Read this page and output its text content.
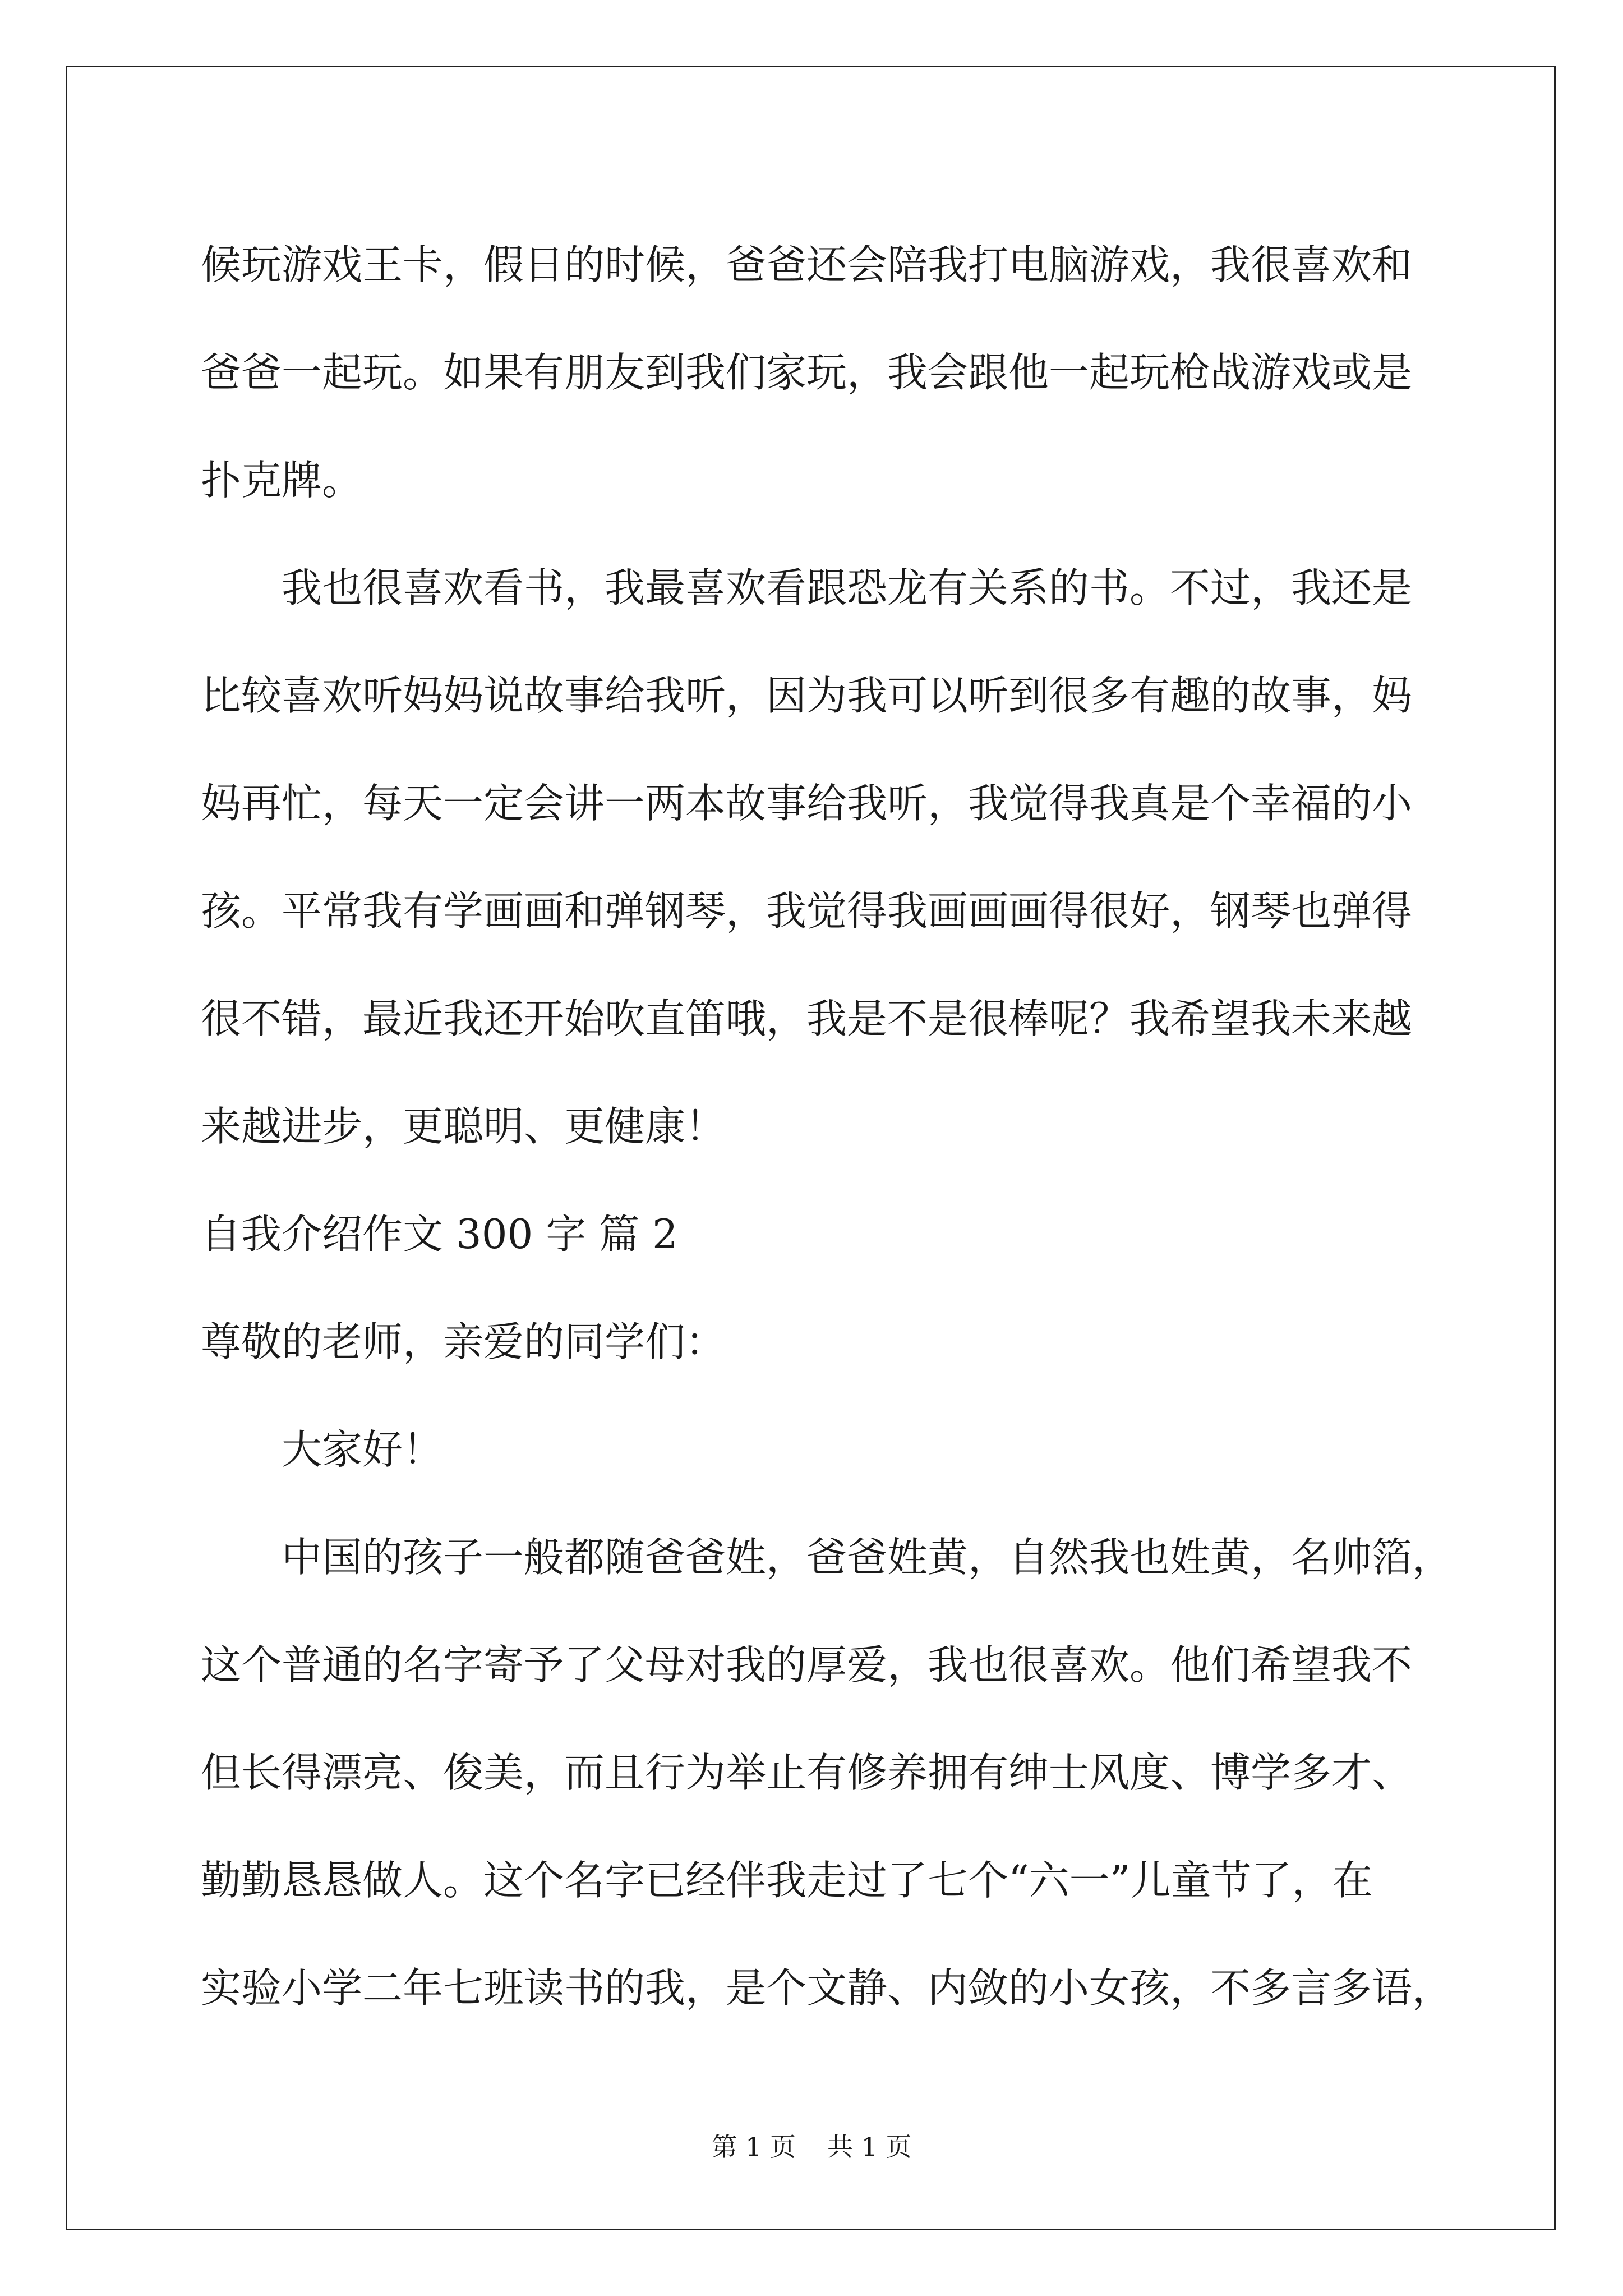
候玩游戏王卡，假日的时候，爸爸还会陪我打电脑游戏，我很喜欢和
爸爸一起玩。如果有朋友到我们家玩，我会跟他一起玩枪战游戏或是
扑克牌。
我也很喜欢看书，我最喜欢看跟恐龙有关系的书。不过，我还是
比较喜欢听妈妈说故事给我听，因为我可以听到很多有趣的故事，妈
妈再忙，每天一定会讲一两本故事给我听，我觉得我真是个幸福的小
孩。平常我有学画画和弹钢琴，我觉得我画画画得很好，钢琴也弹得
很不错，最近我还开始吹直笛哦，我是不是很棒呢？我希望我未来越
来越进步，更聪明、更健康！
自我介绍作文 300 字 篇 2
尊敬的老师，亲爱的同学们：
大家好！
中国的孩子一般都随爸爸姓，爸爸姓黄，自然我也姓黄，名帅箔，
这个普通的名字寄予了父母对我的厚爱，我也很喜欢。他们希望我不
但长得漂亮、俊美，而且行为举止有修养拥有绅士风度、博学多才、
勤勤恳恳做人。这个名字已经伴我走过了七个“六一”儿童节了，在
实验小学二年七班读书的我，是个文静、内敛的小女孩，不多言多语，
第 1 页 共 1 页
